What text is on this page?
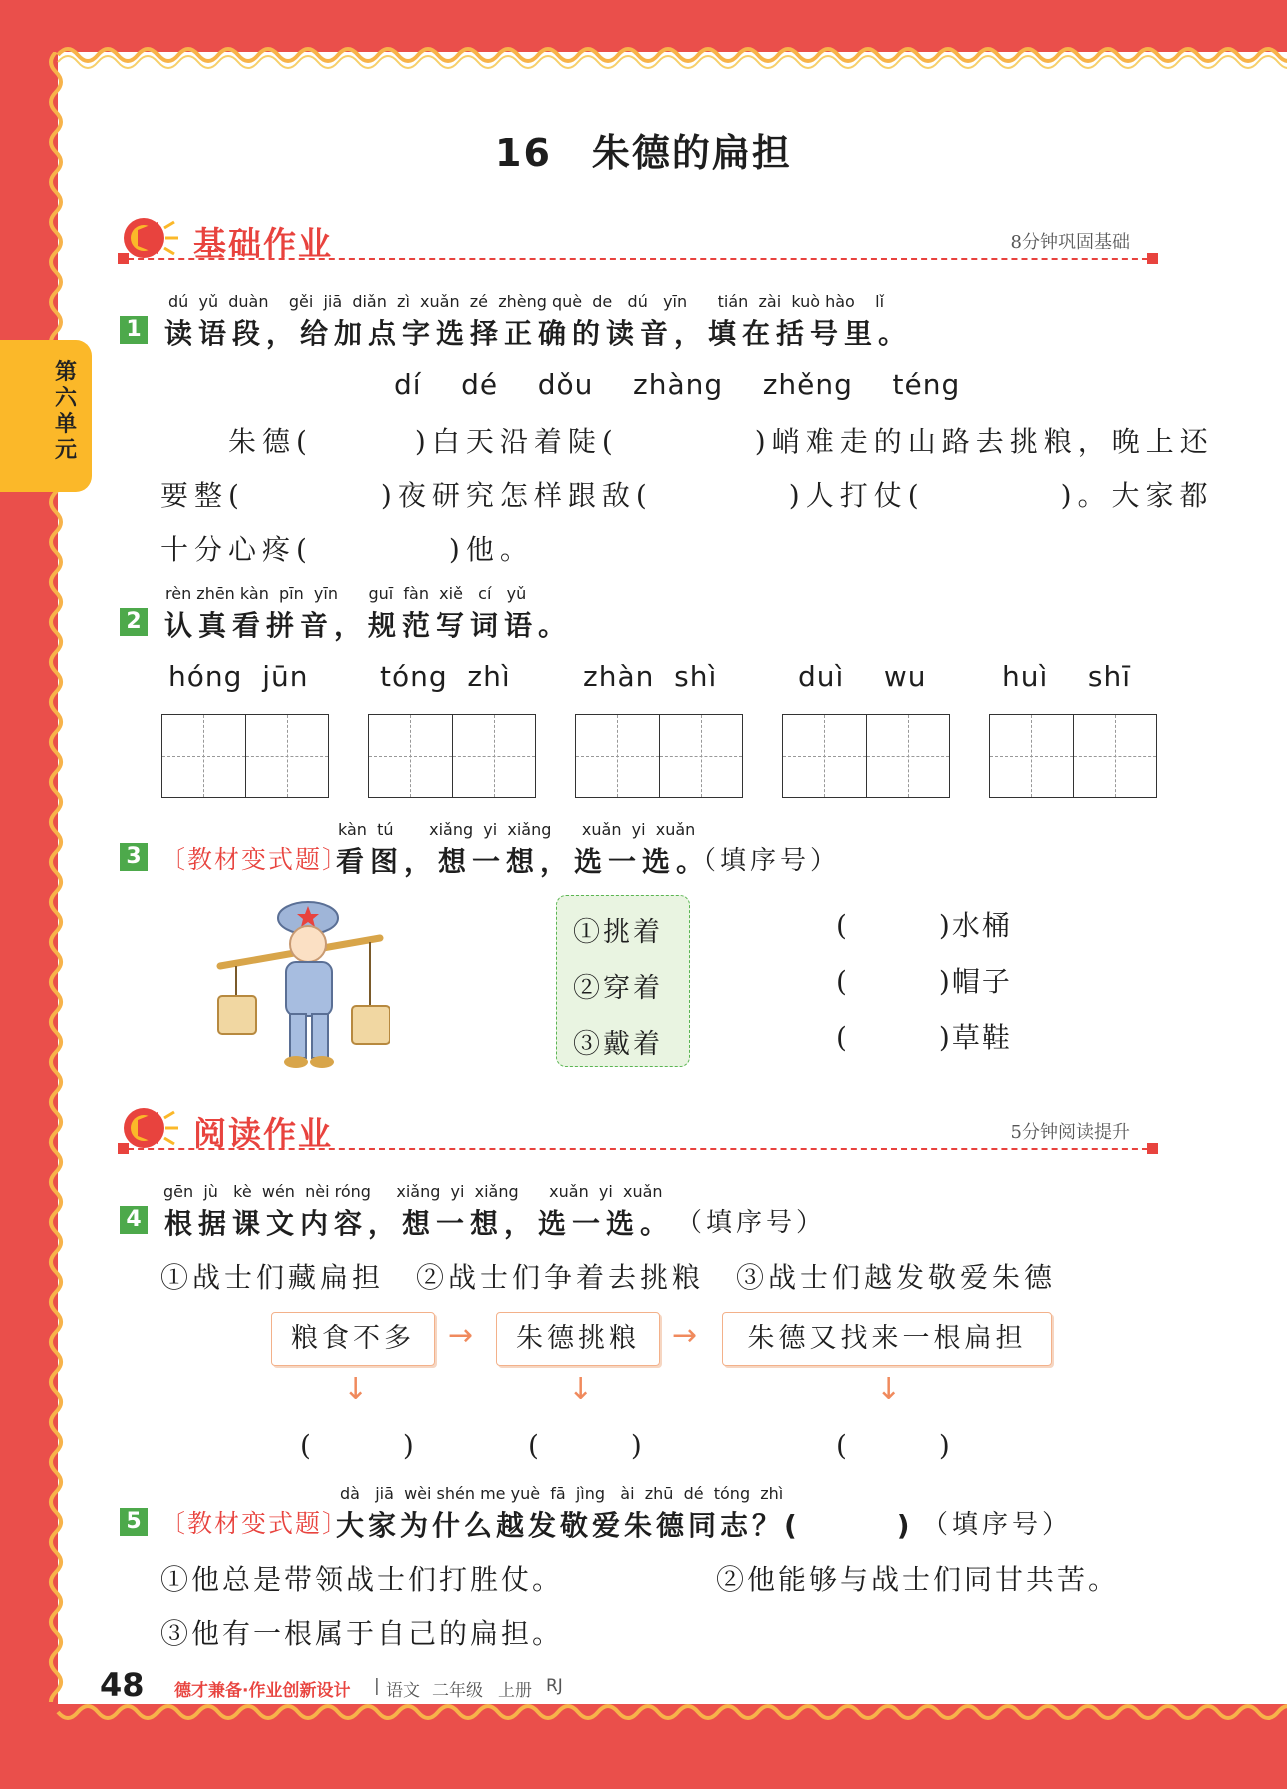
第六单元
16　朱德的扁担
基础作业	8分钟巩固基础
dú  yǔ  duàn    gěi  jiā  diǎn  zì  xuǎn  zé  zhèng què  de   dú   yīn      tián  zài  kuò hào    lǐ
1 读语段，给加点字选择正确的读音，填在括号里。
dí    dé    dǒu    zhàng    zhěng    téng
朱德(　　　)白天沿着陡(　　　　)峭难走的山路去挑粮，晚上还
要整(　　　　)夜研究怎样跟敌(　　　　)人打仗(　　　　)。大家都
十分心疼(　　　　)他。
rèn zhēn kàn  pīn  yīn      guī  fàn  xiě   cí   yǔ
2 认真看拼音，规范写词语。
hóng  jūn	tóng  zhì	zhàn  shì	duì    wu	huì    shī
kàn  tú       xiǎng  yi  xiǎng      xuǎn  yi  xuǎn
3 〔教材变式题〕
看图，想一想，选一选。
（填序号）
①挑着
②穿着
③戴着
(　　　)水桶
(　　　)帽子
(　　　)草鞋
阅读作业	5分钟阅读提升
gēn  jù   kè  wén  nèi róng     xiǎng  yi  xiǎng      xuǎn  yi  xuǎn
4 根据课文内容，想一想，选一选。 （填序号）
①战士们藏扁担　②战士们争着去挑粮　③战士们越发敬爱朱德
粮食不多	→	朱德挑粮	→	朱德又找来一根扁担
↓	↓	↓
(　　　)	(　　　)	(　　　)
dà   jiā  wèi shén me yuè  fā  jìng   ài  zhū  dé  tóng  zhì
5 〔教材变式题〕
大家为什么越发敬爱朱德同志？(　　　) （填序号）
①他总是带领战士们打胜仗。	②他能够与战士们同甘共苦。
③他有一根属于自己的扁担。
48 德才兼备·作业创新设计 | 语文 二年级 上册 RJ
